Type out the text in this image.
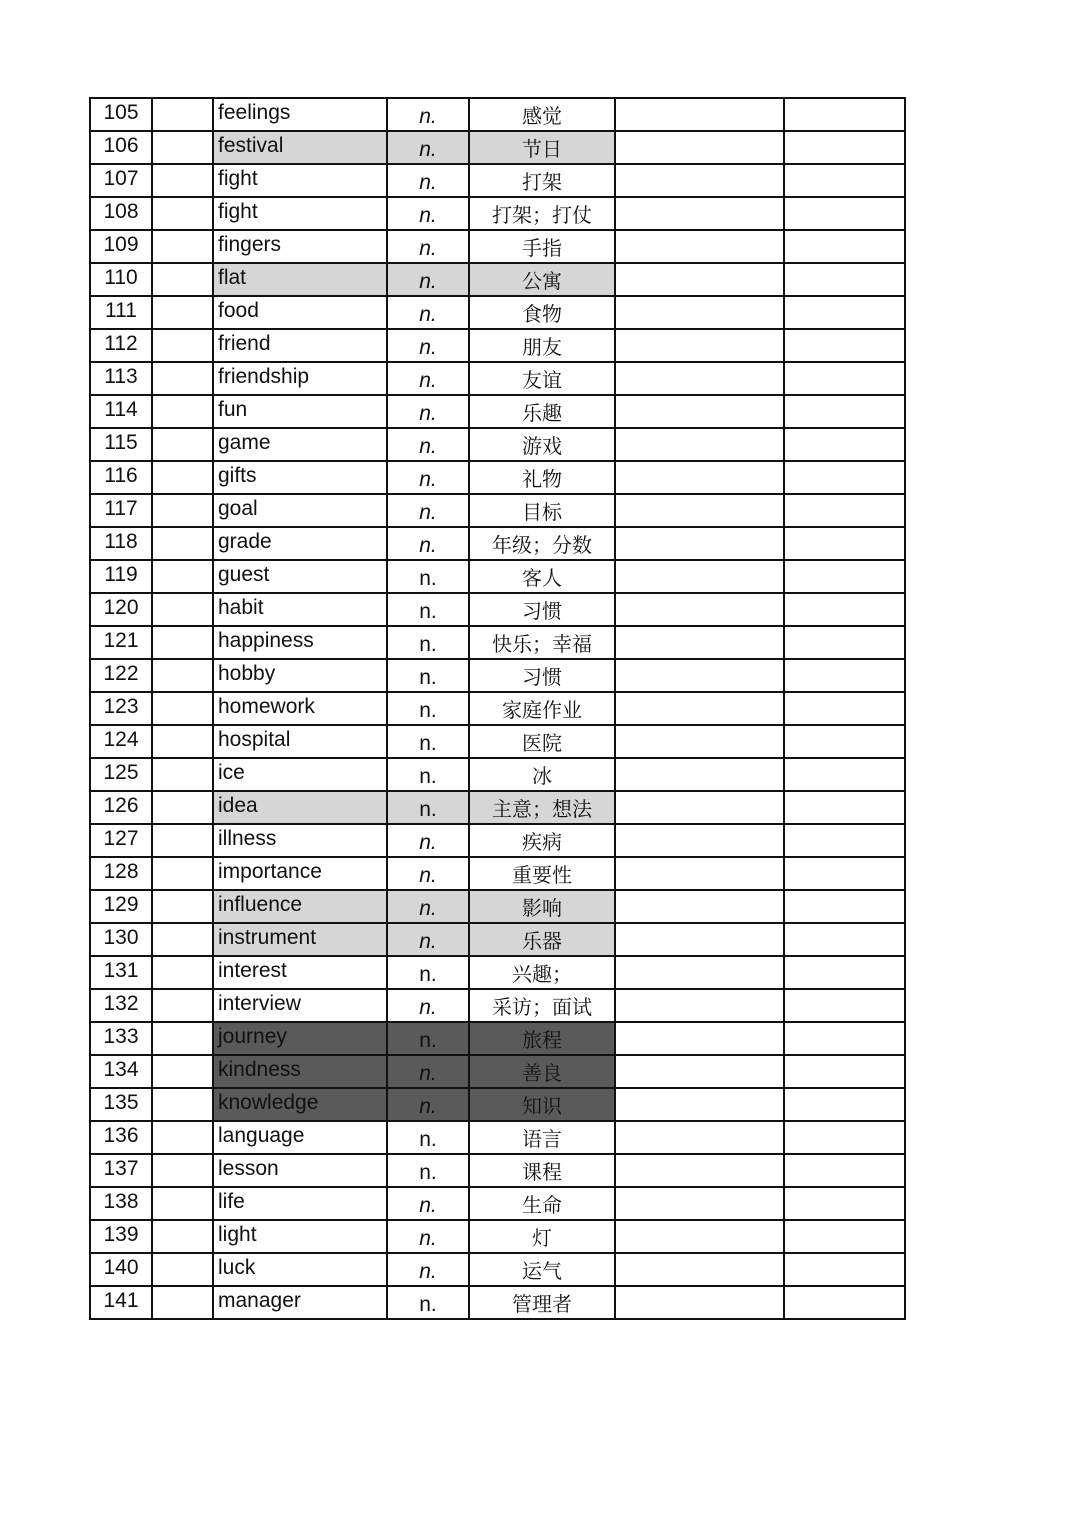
105		feelings	n.	感觉		
106		festival	n.	节日		
107		fight	n.	打架		
108		fight	n.	打架；打仗		
109		fingers	n.	手指		
110		flat	n.	公寓		
111		food	n.	食物		
112		friend	n.	朋友		
113		friendship	n.	友谊		
114		fun	n.	乐趣		
115		game	n.	游戏		
116		gifts	n.	礼物		
117		goal	n.	目标		
118		grade	n.	年级；分数		
119		guest	n.	客人		
120		habit	n.	习惯		
121		happiness	n.	快乐；幸福		
122		hobby	n.	习惯		
123		homework	n.	家庭作业		
124		hospital	n.	医院		
125		ice	n.	冰		
126		idea	n.	主意；想法		
127		illness	n.	疾病		
128		importance	n.	重要性		
129		influence	n.	影响		
130		instrument	n.	乐器		
131		interest	n.	兴趣；		
132		interview	n.	采访；面试		
133		journey	n.	旅程		
134		kindness	n.	善良		
135		knowledge	n.	知识		
136		language	n.	语言		
137		lesson	n.	课程		
138		life	n.	生命		
139		light	n.	灯		
140		luck	n.	运气		
141		manager	n.	管理者		
